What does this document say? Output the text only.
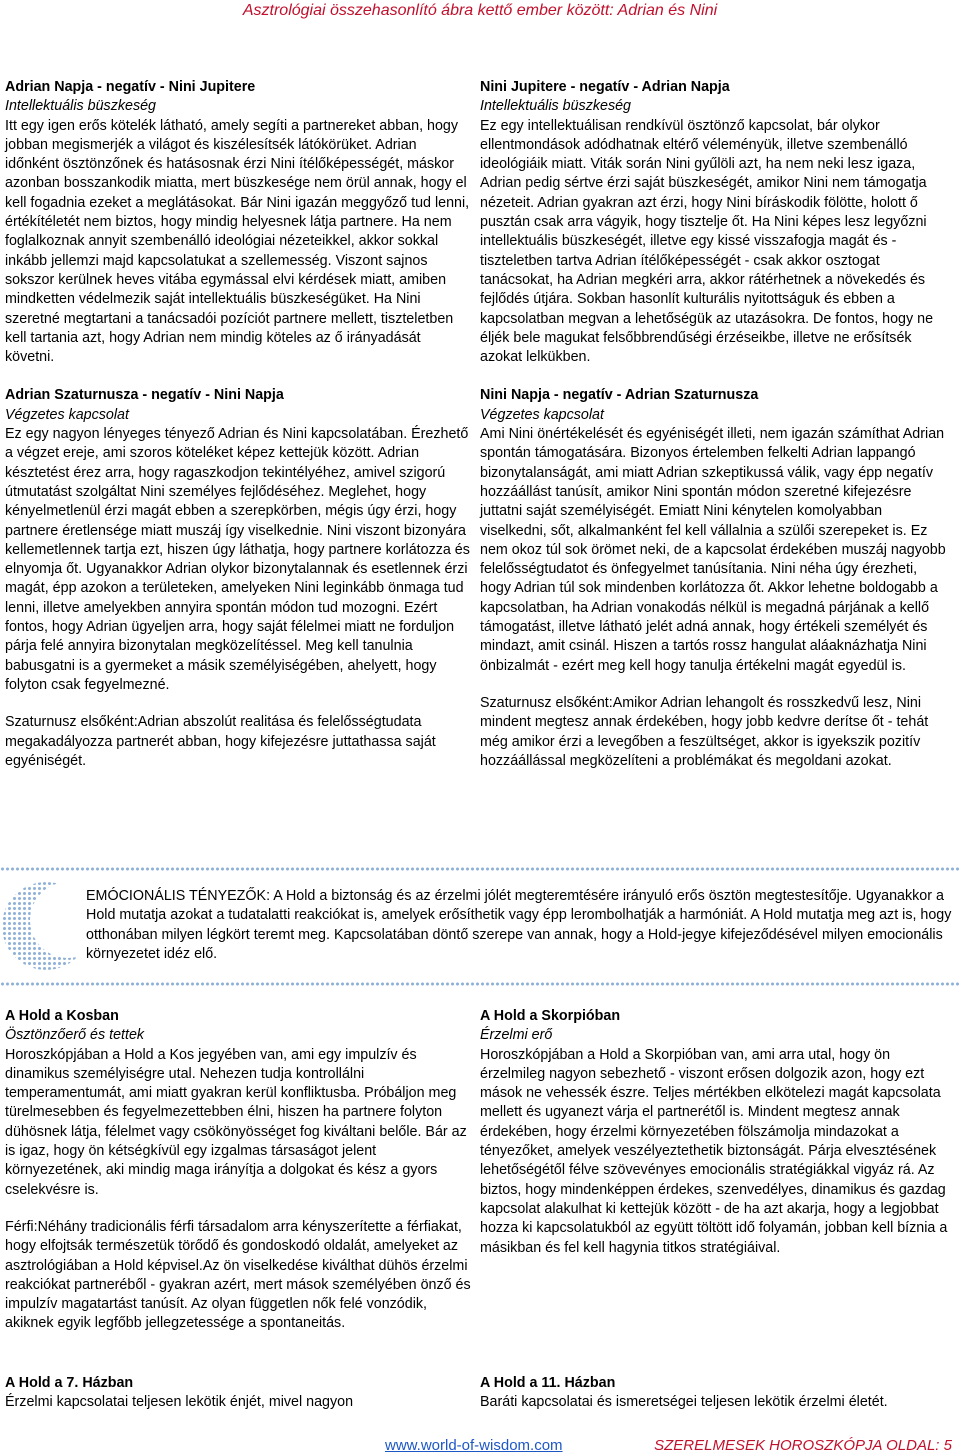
Asztrológiai összehasonlító ábra kettő ember között: Adrian és Nini
Adrian Napja - negatív - Nini Jupitere
Intellektuális büszkeség

Itt egy igen erős kötelék látható, amely segíti a partnereket abban, hogy jobban megismerjék a világot és kiszélesítsék látókörüket. Adrian időnként ösztönzőnek és hatásosnak érzi Nini ítélőképességét, máskor azonban bosszankodik miatta, mert büszkesége nem örül annak, hogy el kell fogadnia ezeket a meglátásokat. Bár Nini igazán meggyőző tud lenni, értékítéletét nem biztos, hogy mindig helyesnek látja partnere. Ha nem foglalkoznak annyit szembenálló ideológiai nézeteikkel, akkor sokkal inkább jellemzi majd kapcsolatukat a szellemesség. Viszont sajnos sokszor kerülnek heves vitába egymással elvi kérdések miatt, amiben mindketten védelmezik saját intellektuális büszkeségüket. Ha Nini szeretné megtartani a tanácsadói pozíciót partnere mellett, tiszteletben kell tartania azt, hogy Adrian nem mindig köteles az ő irányadását követni.

Adrian Szaturnusza - negatív - Nini Napja
Végzetes kapcsolat

Ez egy nagyon lényeges tényező Adrian és Nini kapcsolatában. Érezhető a végzet ereje, ami szoros köteléket képez kettejük között. Adrian késztetést érez arra, hogy ragaszkodjon tekintélyéhez, amivel szigorú útmutatást szolgáltat Nini személyes fejlődéséhez. Meglehet, hogy kényelmetlenül érzi magát ebben a szerepkörben, mégis úgy érzi, hogy partnere éretlensége miatt muszáj így viselkednie. Nini viszont bizonyára kellemetlennek tartja ezt, hiszen úgy láthatja, hogy partnere korlátozza és elnyomja őt. Ugyanakkor Adrian olykor bizonytalannak és esetlennek érzi magát, épp azokon a területeken, amelyeken Nini leginkább önmaga tud lenni, illetve amelyekben annyira spontán módon tud mozogni. Ezért fontos, hogy Adrian ügyeljen arra, hogy saját félelmei miatt ne forduljon párja felé annyira bizonytalan megközelítéssel. Meg kell tanulnia babusgatni is a gyermeket a másik személyiségében, ahelyett, hogy folyton csak fegyelmezné.

Szaturnusz elsőként:Adrian abszolút realitása és felelősségtudata megakadályozza partnerét abban, hogy kifejezésre juttathassa saját egyéniségét.

Nini Jupitere - negatív - Adrian Napja
Intellektuális büszkeség

Ez egy intellektuálisan rendkívül ösztönző kapcsolat, bár olykor ellentmondások adódhatnak eltérő véleményük, illetve szembenálló ideológiáik miatt. Viták során Nini gyűlöli azt, ha nem neki lesz igaza, Adrian pedig sértve érzi saját büszkeségét, amikor Nini nem támogatja nézeteit. Adrian gyakran azt érzi, hogy Nini bíráskodik fölötte, holott ő pusztán csak arra vágyik, hogy tisztelje őt. Ha Nini képes lesz legyőzni intellektuális büszkeségét, illetve egy kissé visszafogja magát és - tiszteletben tartva Adrian ítélőképességét - csak akkor osztogat tanácsokat, ha Adrian megkéri arra, akkor rátérhetnek a növekedés és fejlődés útjára. Sokban hasonlít kulturális nyitottságuk és ebben a kapcsolatban megvan a lehetőségük az utazásokra. De fontos, hogy ne éljék bele magukat felsőbbrendűségi érzéseikbe, illetve ne erősítsék azokat lelkükben.

Nini Napja - negatív - Adrian Szaturnusza
Végzetes kapcsolat

Ami Nini önértékelését és egyéniségét illeti, nem igazán számíthat Adrian spontán támogatására. Bizonyos értelemben felkelti Adrian lappangó bizonytalanságát, ami miatt Adrian szkeptikussá válik, vagy épp negatív hozzáállást tanúsít, amikor Nini spontán módon szeretné kifejezésre juttatni saját személyiségét. Emiatt Nini kénytelen komolyabban viselkedni, sőt, alkalmanként fel kell vállalnia a szülői szerepeket is. Ez nem okoz túl sok örömet neki, de a kapcsolat érdekében muszáj nagyobb felelősségtudatot és önfegyelmet tanúsítania. Nini néha úgy érezheti, hogy Adrian túl sok mindenben korlátozza őt. Akkor lehetne boldogabb a kapcsolatban, ha Adrian vonakodás nélkül is megadná párjának a kellő támogatást, illetve látható jelét adná annak, hogy értékeli személyét és mindazt, amit csinál. Hiszen a tartós rossz hangulat aláaknázhatja Nini önbizalmát - ezért meg kell hogy tanulja értékelni magát egyedül is.

Szaturnusz elsőként:Amikor Adrian lehangolt és rosszkedvű lesz, Nini mindent megtesz annak érdekében, hogy jobb kedvre derítse őt - tehát még amikor érzi a levegőben a feszültséget, akkor is igyekszik pozitív hozzáállással megközelíteni a problémákat és megoldani azokat.

EMÓCIONÁLIS TÉNYEZŐK: A Hold a biztonság és az érzelmi jólét megteremtésére irányuló erős ösztön megtestesítője. Ugyanakkor a Hold mutatja azokat a tudatalatti reakciókat is, amelyek erősíthetik vagy épp lerombolhatják a harmóniát. A Hold mutatja meg azt is, hogy otthonában milyen légkört teremt meg. Kapcsolatában döntő szerepe van annak, hogy a Hold-jegye kifejeződésével milyen emocionális környezetet idéz elő.
A Hold a Kosban
Ösztönzőerő és tettek

Horoszkópjában a Hold a Kos jegyében van, ami egy impulzív és dinamikus személyiségre utal. Nehezen tudja kontrollálni temperamentumát, ami miatt gyakran kerül konfliktusba. Próbáljon meg türelmesebben és fegyelmezettebben élni, hiszen ha partnere folyton dühösnek látja, félelmet vagy csökönyösséget fog kiváltani belőle. Bár az is igaz, hogy ön kétségkívül egy izgalmas társaságot jelent környezetének, aki mindig maga irányítja a dolgokat és kész a gyors cselekvésre is.

Férfi:Néhány tradicionális férfi társadalom arra kényszerítette a férfiakat, hogy elfojtsák természetük törődő és gondoskodó oldalát, amelyeket az asztrológiában a Hold képvisel.Az ön viselkedése kiválthat dühös érzelmi reakciókat partneréből - gyakran azért, mert mások személyében önző és impulzív magatartást tanúsít. Az olyan független nők felé vonzódik, akiknek egyik legfőbb jellegzetessége a spontaneitás.

A Hold a Skorpióban
Érzelmi erő

Horoszkópjában a Hold a Skorpióban van, ami arra utal, hogy ön érzelmileg nagyon sebezhető - viszont erősen dolgozik azon, hogy ezt mások ne vehessék észre. Teljes mértékben elkötelezi magát kapcsolata mellett és ugyanezt várja el partnerétől is. Mindent megtesz annak érdekében, hogy érzelmi környezetében fölszámolja mindazokat a tényezőket, amelyek veszélyeztethetik biztonságát. Párja elvesztésének lehetőségétől félve szövevényes emocionális stratégiákkal vigyáz rá. Az biztos, hogy mindenképpen érdekes, szenvedélyes, dinamikus és gazdag kapcsolat alakulhat ki kettejük között - de ha azt akarja, hogy a legjobbat hozza ki kapcsolatukból az együtt töltött idő folyamán, jobban kell bíznia a másikban és fel kell hagynia titkos stratégiáival.

A Hold a 7. Házban
Érzelmi kapcsolatai teljesen lekötik énjét, mivel nagyon
A Hold a 11. Házban
Baráti kapcsolatai és ismeretségei teljesen lekötik érzelmi életét.
www.world-of-wisdom.com	SZERELMESEK HOROSZKÓPJA OLDAL: 5
